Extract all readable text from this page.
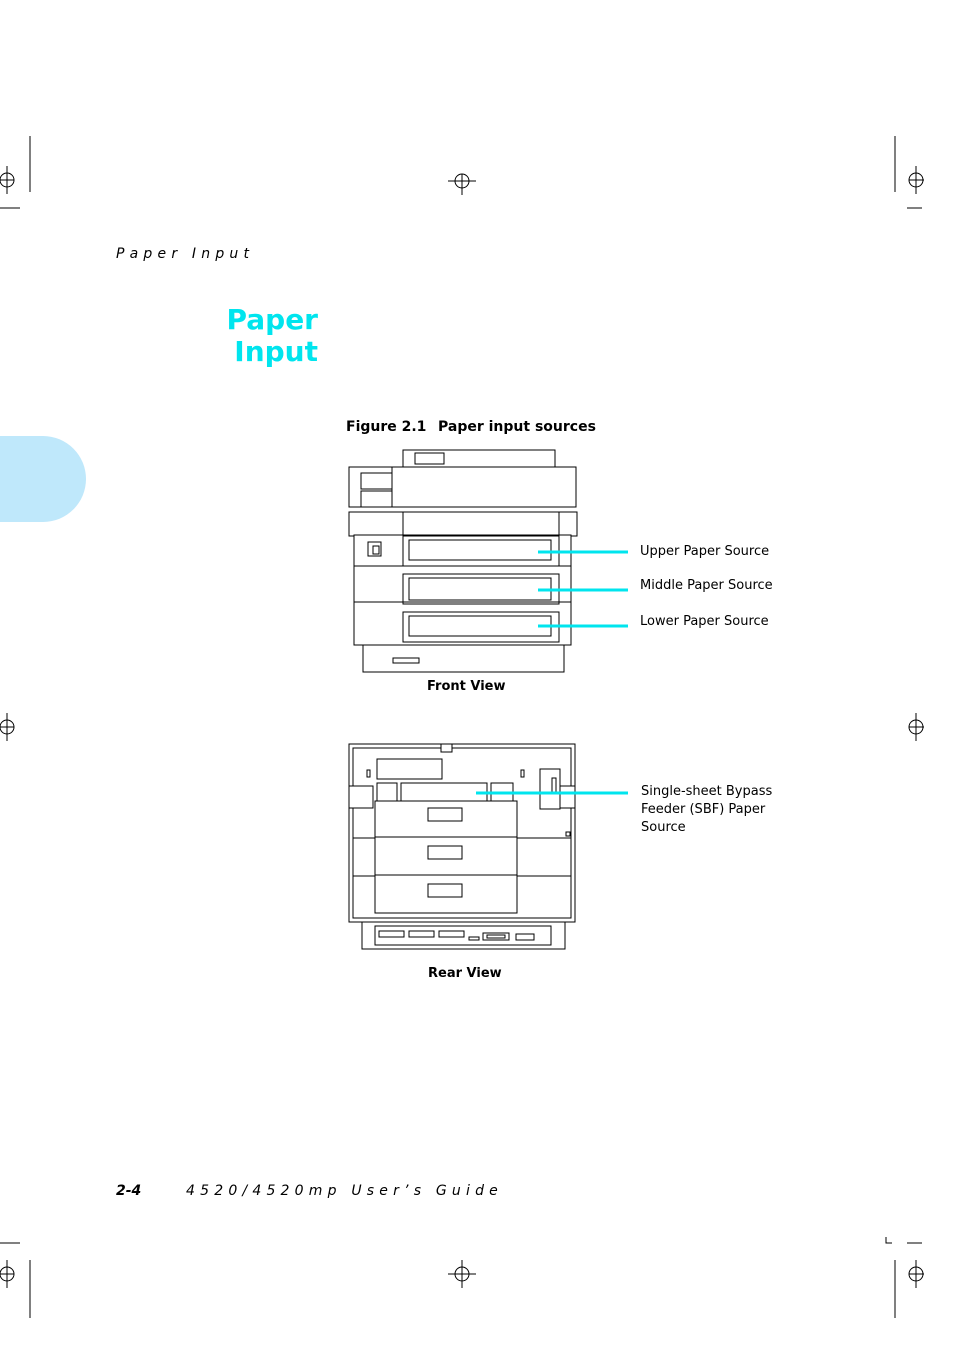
Paper Input
Paper
Input
Figure 2.1 Paper input sources
Upper Paper Source
Middle Paper Source
Lower Paper Source
Front View
Single-sheet Bypass
Feeder (SBF) Paper
Source
Rear View
2-4	4520/4520mp User’s Guide
